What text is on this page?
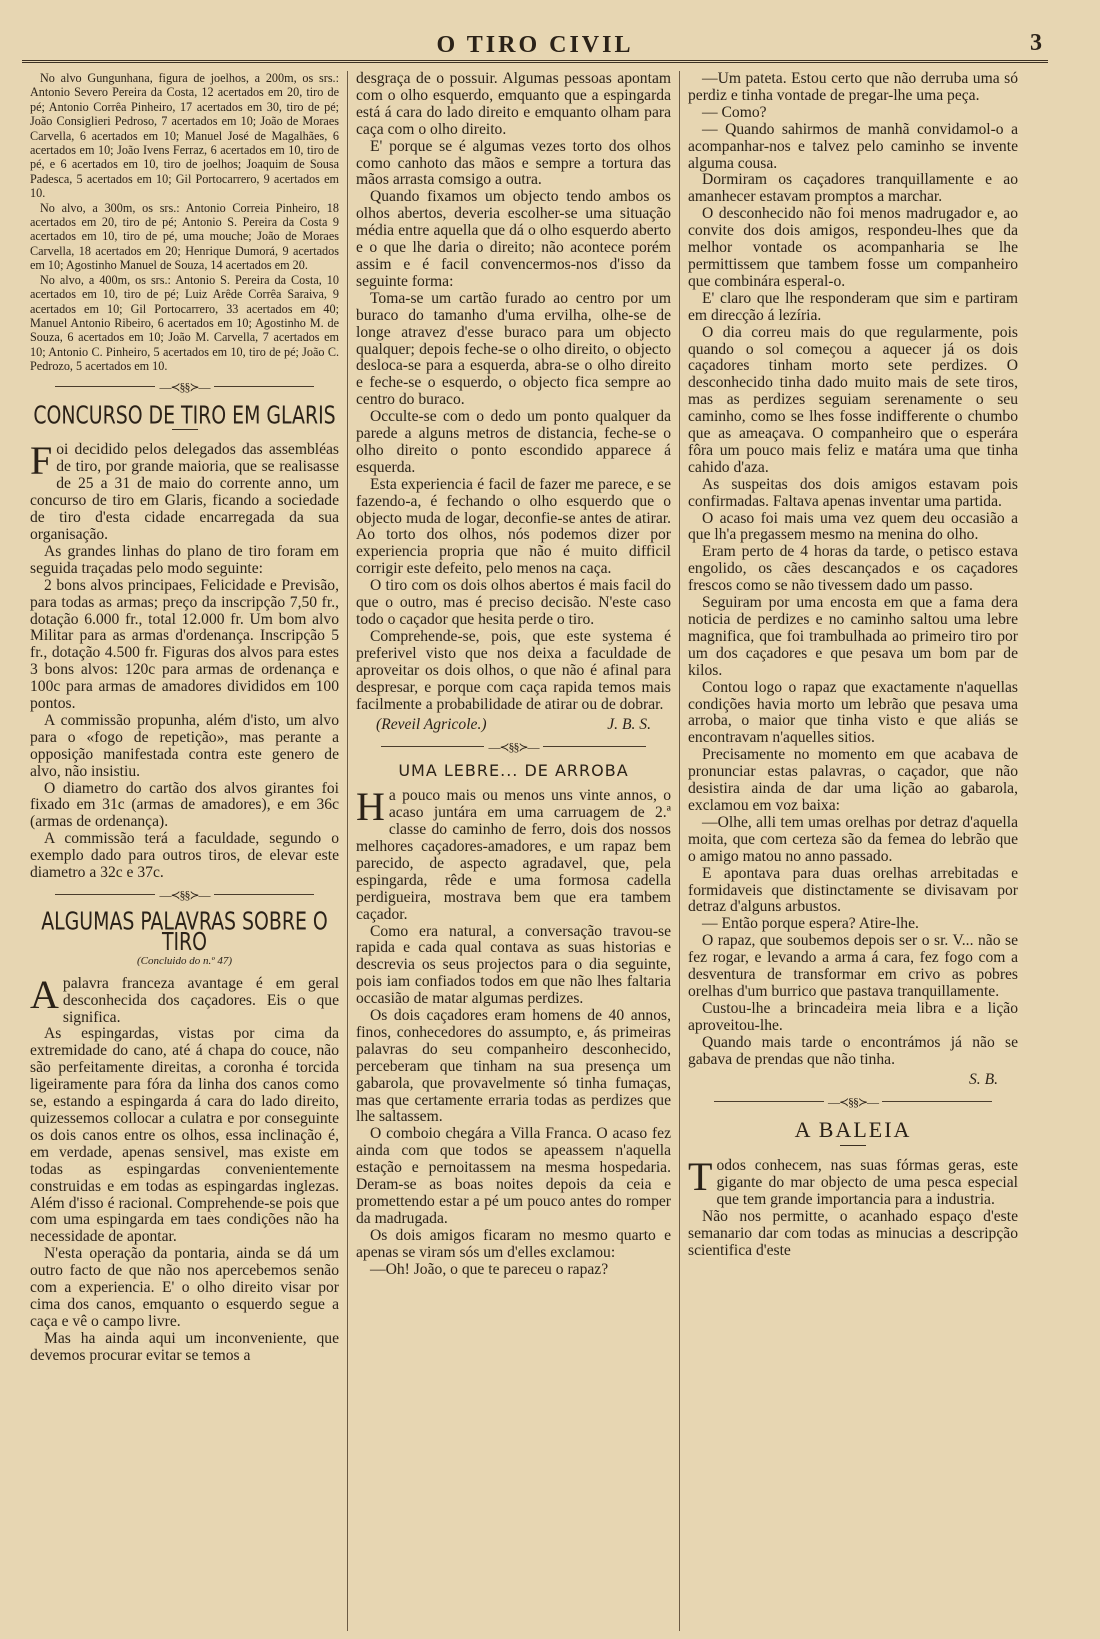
O TIRO CIVIL	3

No alvo Gungunhana, figura de joelhos, a 200m, os srs.: Antonio Severo Pereira da Costa, 12 acertados em 20, tiro de pé; Antonio Corrêa Pinheiro, 17 acertados em 30, tiro de pé; João Consiglieri Pedroso, 7 acertados em 10; João de Moraes Carvella, 6 acertados em 10; Manuel José de Magalhães, 6 acertados em 10; João Ivens Ferraz, 6 acertados em 10, tiro de pé, e 6 acertados em 10, tiro de joelhos; Joaquim de Sousa Padesca, 5 acertados em 10; Gil Portocarrero, 9 acertados em 10.

No alvo, a 300m, os srs.: Antonio Correia Pinheiro, 18 acertados em 20, tiro de pé; Antonio S. Pereira da Costa 9 acertados em 10, tiro de pé, uma mouche; João de Moraes Carvella, 18 acertados em 20; Henrique Dumorá, 9 acertados em 10; Agostinho Manuel de Souza, 14 acertados em 20.

No alvo, a 400m, os srs.: Antonio S. Pereira da Costa, 10 acertados em 10, tiro de pé; Luiz Arêde Corrêa Saraiva, 9 acertados em 10; Gil Portocarrero, 33 acertados em 40; Manuel Antonio Ribeiro, 6 acertados em 10; Agostinho M. de Souza, 6 acertados em 10; João M. Carvella, 7 acertados em 10; Antonio C. Pinheiro, 5 acertados em 10, tiro de pé; João C. Pedrozo, 5 acertados em 10.

—≺§§≻—
CONCURSO DE TIRO EM GLARIS

Foi decidido pelos delegados das assembléas de tiro, por grande maioria, que se realisasse de 25 a 31 de maio do corrente anno, um concurso de tiro em Glaris, ficando a sociedade de tiro d'esta cidade encarregada da sua organisação.

As grandes linhas do plano de tiro foram em seguida traçadas pelo modo seguinte:

2 bons alvos principaes, Felicidade e Previsão, para todas as armas; preço da inscripção 7,50 fr., dotação 6.000 fr., total 12.000 fr. Um bom alvo Militar para as armas d'ordenança. Inscripção 5 fr., dotação 4.500 fr. Figuras dos alvos para estes 3 bons alvos: 120c para armas de ordenança e 100c para armas de amadores divididos em 100 pontos.

A commissão propunha, além d'isto, um alvo para o «fogo de repetição», mas perante a opposição manifestada contra este genero de alvo, não insistiu.

O diametro do cartão dos alvos girantes foi fixado em 31c (armas de amadores), e em 36c (armas de ordenança).

A commissão terá a faculdade, segundo o exemplo dado para outros tiros, de elevar este diametro a 32c e 37c.

—≺§§≻—
ALGUMAS PALAVRAS SOBRE O TIRO
(Concluido do n.º 47)

Apalavra franceza avantage é em geral desconhecida dos caçadores. Eis o que significa.

As espingardas, vistas por cima da extremidade do cano, até á chapa do couce, não são perfeitamente direitas, a coronha é torcida ligeiramente para fóra da linha dos canos como se, estando a espingarda á cara do lado direito, quizessemos collocar a culatra e por conseguinte os dois canos entre os olhos, essa inclinação é, em verdade, apenas sensivel, mas existe em todas as espingardas convenientemente construidas e em todas as espingardas inglezas. Além d'isso é racional. Comprehende-se pois que com uma espingarda em taes condições não ha necessidade de apontar.

N'esta operação da pontaria, ainda se dá um outro facto de que não nos apercebemos senão com a experiencia. E' o olho direito visar por cima dos canos, emquanto o esquerdo segue a caça e vê o campo livre.

Mas ha ainda aqui um inconveniente, que devemos procurar evitar se temos a

desgraça de o possuir. Algumas pessoas apontam com o olho esquerdo, emquanto que a espingarda está á cara do lado direito e emquanto olham para caça com o olho direito.

E' porque se é algumas vezes torto dos olhos como canhoto das mãos e sempre a tortura das mãos arrasta comsigo a outra.

Quando fixamos um objecto tendo ambos os olhos abertos, deveria escolher-se uma situação média entre aquella que dá o olho esquerdo aberto e o que lhe daria o direito; não acontece porém assim e é facil convencermos-nos d'isso da seguinte forma:

Toma-se um cartão furado ao centro por um buraco do tamanho d'uma ervilha, olhe-se de longe atravez d'esse buraco para um objecto qualquer; depois feche-se o olho direito, o objecto desloca-se para a esquerda, abra-se o olho direito e feche-se o esquerdo, o objecto fica sempre ao centro do buraco.

Occulte-se com o dedo um ponto qualquer da parede a alguns metros de distancia, feche-se o olho direito o ponto escondido apparece á esquerda.

Esta experiencia é facil de fazer me parece, e se fazendo-a, é fechando o olho esquerdo que o objecto muda de logar, deconfie-se antes de atirar. Ao torto dos olhos, nós podemos dizer por experiencia propria que não é muito difficil corrigir este defeito, pelo menos na caça.

O tiro com os dois olhos abertos é mais facil do que o outro, mas é preciso decisão. N'este caso todo o caçador que hesita perde o tiro.

Comprehende-se, pois, que este systema é preferivel visto que nos deixa a faculdade de aproveitar os dois olhos, o que não é afinal para despresar, e porque com caça rapida temos mais facilmente a probabilidade de atirar ou de dobrar.

(Reveil Agricole.)	J. B. S.
—≺§§≻—
UMA LEBRE... DE ARROBA

Ha pouco mais ou menos uns vinte annos, o acaso juntára em uma carruagem de 2.ª classe do caminho de ferro, dois dos nossos melhores caçadores-amadores, e um rapaz bem parecido, de aspecto agradavel, que, pela espingarda, rêde e uma formosa cadella perdigueira, mostrava bem que era tambem caçador.

Como era natural, a conversação travou-se rapida e cada qual contava as suas historias e descrevia os seus projectos para o dia seguinte, pois iam confiados todos em que não lhes faltaria occasião de matar algumas perdizes.

Os dois caçadores eram homens de 40 annos, finos, conhecedores do assumpto, e, ás primeiras palavras do seu companheiro desconhecido, perceberam que tinham na sua presença um gabarola, que provavelmente só tinha fumaças, mas que certamente erraria todas as perdizes que lhe saltassem.

O comboio chegára a Villa Franca. O acaso fez ainda com que todos se apeassem n'aquella estação e pernoitassem na mesma hospedaria. Deram-se as boas noites depois da ceia e promettendo estar a pé um pouco antes do romper da madrugada.

Os dois amigos ficaram no mesmo quarto e apenas se viram sós um d'elles exclamou:

—Oh! João, o que te pareceu o rapaz?

—Um pateta. Estou certo que não derruba uma só perdiz e tinha vontade de pregar-lhe uma peça.

— Como?

— Quando sahirmos de manhã convidamol-o a acompanhar-nos e talvez pelo caminho se invente alguma cousa.

Dormiram os caçadores tranquillamente e ao amanhecer estavam promptos a marchar.

O desconhecido não foi menos madrugador e, ao convite dos dois amigos, respondeu-lhes que da melhor vontade os acompanharia se lhe permittissem que tambem fosse um companheiro que combinára esperal-o.

E' claro que lhe responderam que sim e partiram em direcção á lezíria.

O dia correu mais do que regularmente, pois quando o sol começou a aquecer já os dois caçadores tinham morto sete perdizes. O desconhecido tinha dado muito mais de sete tiros, mas as perdizes seguiam serenamente o seu caminho, como se lhes fosse indifferente o chumbo que as ameaçava. O companheiro que o esperára fôra um pouco mais feliz e matára uma que tinha cahido d'aza.

As suspeitas dos dois amigos estavam pois confirmadas. Faltava apenas inventar uma partida.

O acaso foi mais uma vez quem deu occasião a que lh'a pregassem mesmo na menina do olho.

Eram perto de 4 horas da tarde, o petisco estava engolido, os cães descançados e os caçadores frescos como se não tivessem dado um passo.

Seguiram por uma encosta em que a fama dera noticia de perdizes e no caminho saltou uma lebre magnifica, que foi trambulhada ao primeiro tiro por um dos caçadores e que pesava um bom par de kilos.

Contou logo o rapaz que exactamente n'aquellas condições havia morto um lebrão que pesava uma arroba, o maior que tinha visto e que aliás se encontravam n'aquelles sitios.

Precisamente no momento em que acabava de pronunciar estas palavras, o caçador, que não desistira ainda de dar uma lição ao gabarola, exclamou em voz baixa:

—Olhe, alli tem umas orelhas por detraz d'aquella moita, que com certeza são da femea do lebrão que o amigo matou no anno passado.

E apontava para duas orelhas arrebitadas e formidaveis que distinctamente se divisavam por detraz d'alguns arbustos.

— Então porque espera? Atire-lhe.

O rapaz, que soubemos depois ser o sr. V... não se fez rogar, e levando a arma á cara, fez fogo com a desventura de transformar em crivo as pobres orelhas d'um burrico que pastava tranquillamente.

Custou-lhe a brincadeira meia libra e a lição aproveitou-lhe.

Quando mais tarde o encontrámos já não se gabava de prendas que não tinha.

S. B.
—≺§§≻—
A BALEIA

Todos conhecem, nas suas fórmas geras, este gigante do mar objecto de uma pesca especial que tem grande importancia para a industria.

Não nos permitte, o acanhado espaço d'este semanario dar com todas as minucias a descripção scientifica d'este
